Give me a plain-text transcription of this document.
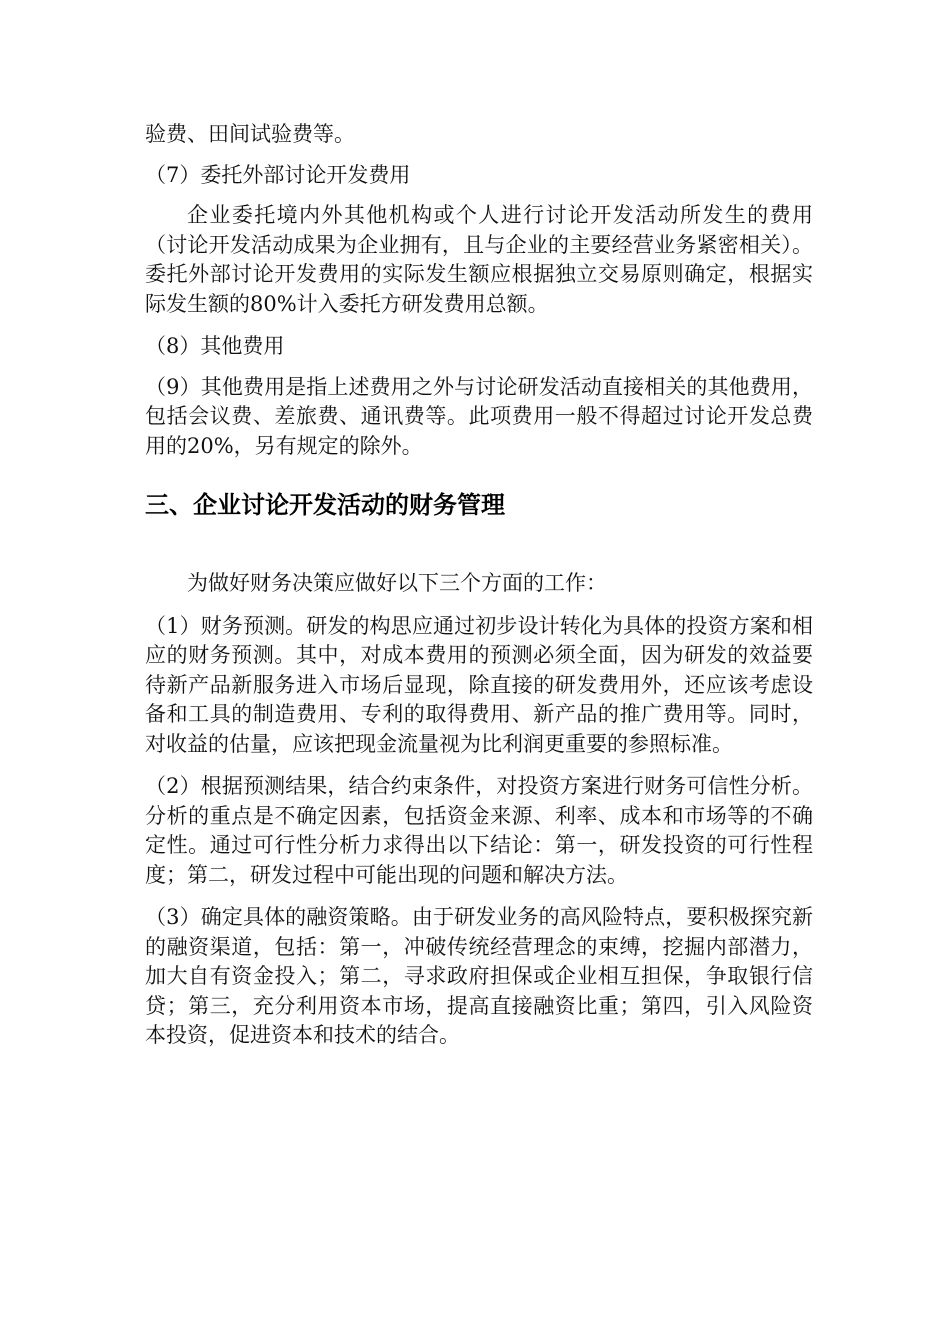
验费、田间试验费等。

（7）委托外部讨论开发费用

企业委托境内外其他机构或个人进行讨论开发活动所发生的费用（讨论开发活动成果为企业拥有，且与企业的主要经营业务紧密相关）。委托外部讨论开发费用的实际发生额应根据独立交易原则确定，根据实际发生额的80%计入委托方研发费用总额。

（8）其他费用

（9）其他费用是指上述费用之外与讨论研发活动直接相关的其他费用，包括会议费、差旅费、通讯费等。此项费用一般不得超过讨论开发总费用的20%，另有规定的除外。

三、企业讨论开发活动的财务管理

为做好财务决策应做好以下三个方面的工作：

（1）财务预测。研发的构思应通过初步设计转化为具体的投资方案和相应的财务预测。其中，对成本费用的预测必须全面，因为研发的效益要待新产品新服务进入市场后显现，除直接的研发费用外，还应该考虑设备和工具的制造费用、专利的取得费用、新产品的推广费用等。同时，对收益的估量，应该把现金流量视为比利润更重要的参照标准。

（2）根据预测结果，结合约束条件，对投资方案进行财务可信性分析。分析的重点是不确定因素，包括资金来源、利率、成本和市场等的不确定性。通过可行性分析力求得出以下结论：第一，研发投资的可行性程度；第二，研发过程中可能出现的问题和解决方法。

（3）确定具体的融资策略。由于研发业务的高风险特点，要积极探究新的融资渠道，包括：第一，冲破传统经营理念的束缚，挖掘内部潜力，加大自有资金投入；第二，寻求政府担保或企业相互担保，争取银行信贷；第三，充分利用资本市场，提高直接融资比重；第四，引入风险资本投资，促进资本和技术的结合。
